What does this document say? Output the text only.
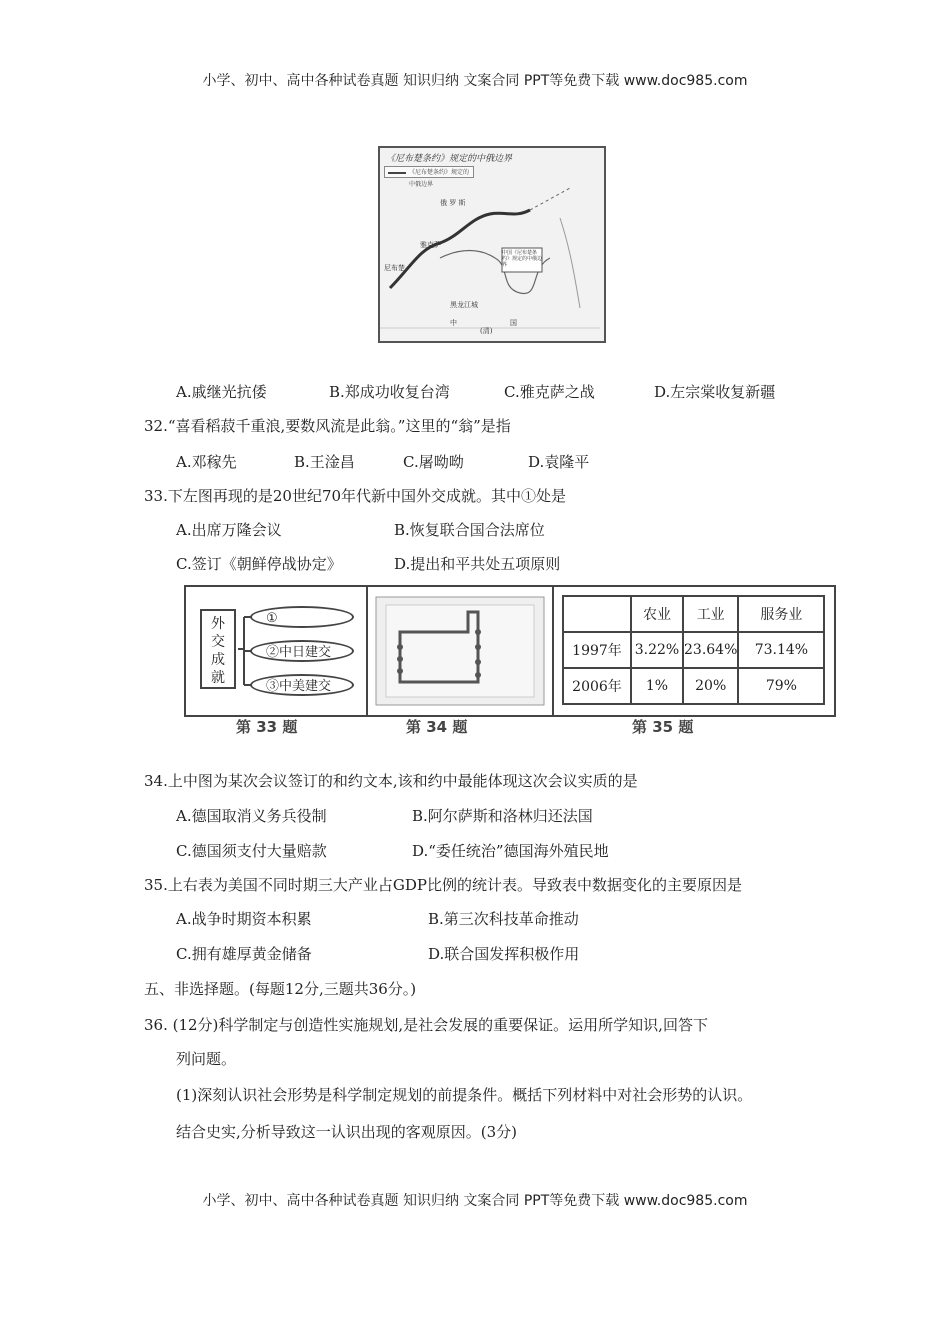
小学、初中、高中各种试卷真题 知识归纳 文案合同 PPT等免费下载 www.doc985.com
《尼布楚条约》规定的中俄边界
《尼布楚条约》规定的中俄边界
俄 罗 斯
尼布楚
雅克萨
中国《尼布楚条约》规定的中俄边界
黑龙江城
中	国
(清)
A.戚继光抗倭	B.郑成功收复台湾	C.雅克萨之战	D.左宗棠收复新疆
32.“喜看稻菽千重浪,要数风流是此翁。”这里的“翁”是指
A.邓稼先	B.王淦昌	C.屠呦呦	D.袁隆平
33.下左图再现的是20世纪70年代新中国外交成就。其中①处是
A.出席万隆会议	B.恢复联合国合法席位
C.签订《朝鲜停战协定》	D.提出和平共处五项原则
外
交
成
就
①
②中日建交
③中美建交
	农业	工业	服务业
1997年	3.22%	23.64%	73.14%
2006年	1%	20%	79%
第 33 题	第 34 题	第 35 题
34.上中图为某次会议签订的和约文本,该和约中最能体现这次会议实质的是
A.德国取消义务兵役制	B.阿尔萨斯和洛林归还法国
C.德国须支付大量赔款	D.“委任统治”德国海外殖民地
35.上右表为美国不同时期三大产业占GDP比例的统计表。导致表中数据变化的主要原因是
A.战争时期资本积累	B.第三次科技革命推动
C.拥有雄厚黄金储备	D.联合国发挥积极作用
五、非选择题。(每题12分,三题共36分。)
36. (12分)科学制定与创造性实施规划,是社会发展的重要保证。运用所学知识,回答下
列问题。
(1)深刻认识社会形势是科学制定规划的前提条件。概括下列材料中对社会形势的认识。
结合史实,分析导致这一认识出现的客观原因。(3分)
小学、初中、高中各种试卷真题 知识归纳 文案合同 PPT等免费下载 www.doc985.com
